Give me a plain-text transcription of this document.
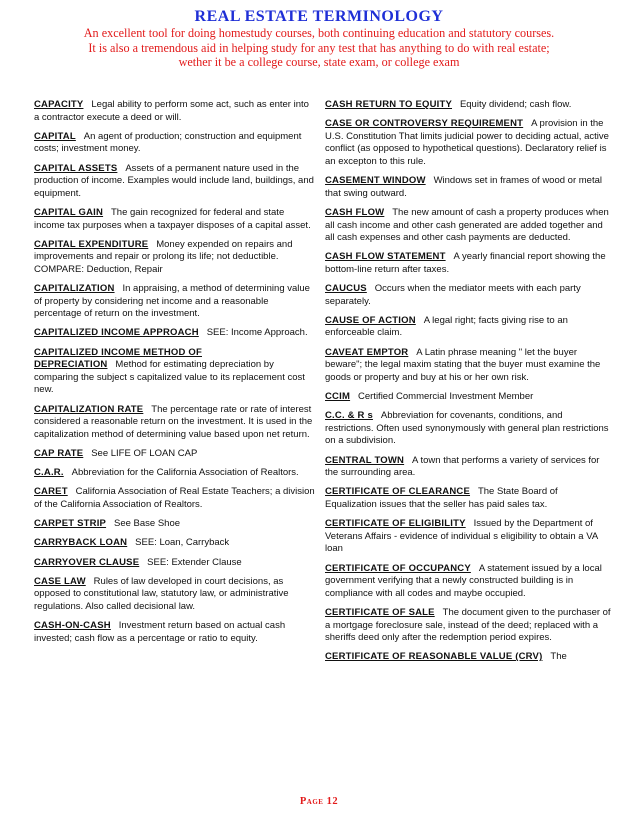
REAL ESTATE TERMINOLOGY
An excellent tool for doing homestudy courses, both continuing education and statutory courses.
It is also a tremendous aid in helping study for any test that has anything to do with real estate;
wether it be a college course, state exam, or college exam
CAPACITY Legal ability to perform some act, such as enter into a contractor execute a deed or will.
CAPITAL An agent of production; construction and equipment costs; investment money.
CAPITAL ASSETS Assets of a permanent nature used in the production of income. Examples would include land, buildings, and equipment.
CAPITAL GAIN The gain recognized for federal and state income tax purposes when a taxpayer disposes of a capital asset.
CAPITAL EXPENDITURE Money expended on repairs and improvements and repair or prolong its life; not deductible. COMPARE: Deduction, Repair
CAPITALIZATION In appraising, a method of determining value of property by considering net income and a reasonable percentage of return on the investment.
CAPITALIZED INCOME APPROACH SEE: Income Approach.
CAPITALIZED INCOME METHOD OF DEPRECIATION Method for estimating depreciation by comparing the subject s capitalized value to its replacement cost new.
CAPITALIZATION RATE The percentage rate or rate of interest considered a reasonable return on the investment. It is used in the capitalization method of determining value based upon net return.
CAP RATE See LIFE OF LOAN CAP
C.A.R. Abbreviation for the California Association of Realtors.
CARET California Association of Real Estate Teachers; a division of the California Association of Realtors.
CARPET STRIP See Base Shoe
CARRYBACK LOAN SEE: Loan, Carryback
CARRYOVER CLAUSE SEE: Extender Clause
CASE LAW Rules of law developed in court decisions, as opposed to constitutional law, statutory law, or administrative regulations. Also called decisional law.
CASH-ON-CASH Investment return based on actual cash invested; cash flow as a percentage or ratio to equity.
CASH RETURN TO EQUITY Equity dividend; cash flow.
CASE OR CONTROVERSY REQUIREMENT A provision in the U.S. Constitution That limits judicial power to deciding actual, active conflict (as opposed to hypothetical questions). Declaratory relief is an excepton to this rule.
CASEMENT WINDOW Windows set in frames of wood or metal that swing outward.
CASH FLOW The new amount of cash a property produces when all cash income and other cash generated are added together and all cash expenses and other cash payments are deducted.
CASH FLOW STATEMENT A yearly financial report showing the bottom-line return after taxes.
CAUCUS Occurs when the mediator meets with each party separately.
CAUSE OF ACTION A legal right; facts giving rise to an enforceable claim.
CAVEAT EMPTOR A Latin phrase meaning " let the buyer beware"; the legal maxim stating that the buyer must examine the goods or property and buy at his or her own risk.
CCIM Certified Commercial Investment Member
C.C. & R s Abbreviation for covenants, conditions, and restrictions. Often used synonymously with general plan restrictions on a subdivision.
CENTRAL TOWN A town that performs a variety of services for the surrounding area.
CERTIFICATE OF CLEARANCE The State Board of Equalization issues that the seller has paid sales tax.
CERTIFICATE OF ELIGIBILITY Issued by the Department of Veterans Affairs - evidence of individual s eligibility to obtain a VA loan
CERTIFICATE OF OCCUPANCY A statement issued by a local government verifying that a newly constructed building is in compliance with all codes and maybe occupied.
CERTIFICATE OF SALE The document given to the purchaser of a mortgage foreclosure sale, instead of the deed; replaced with a sheriffs deed only after the redemption period expires.
CERTIFICATE OF REASONABLE VALUE (CRV) The
Page 12
